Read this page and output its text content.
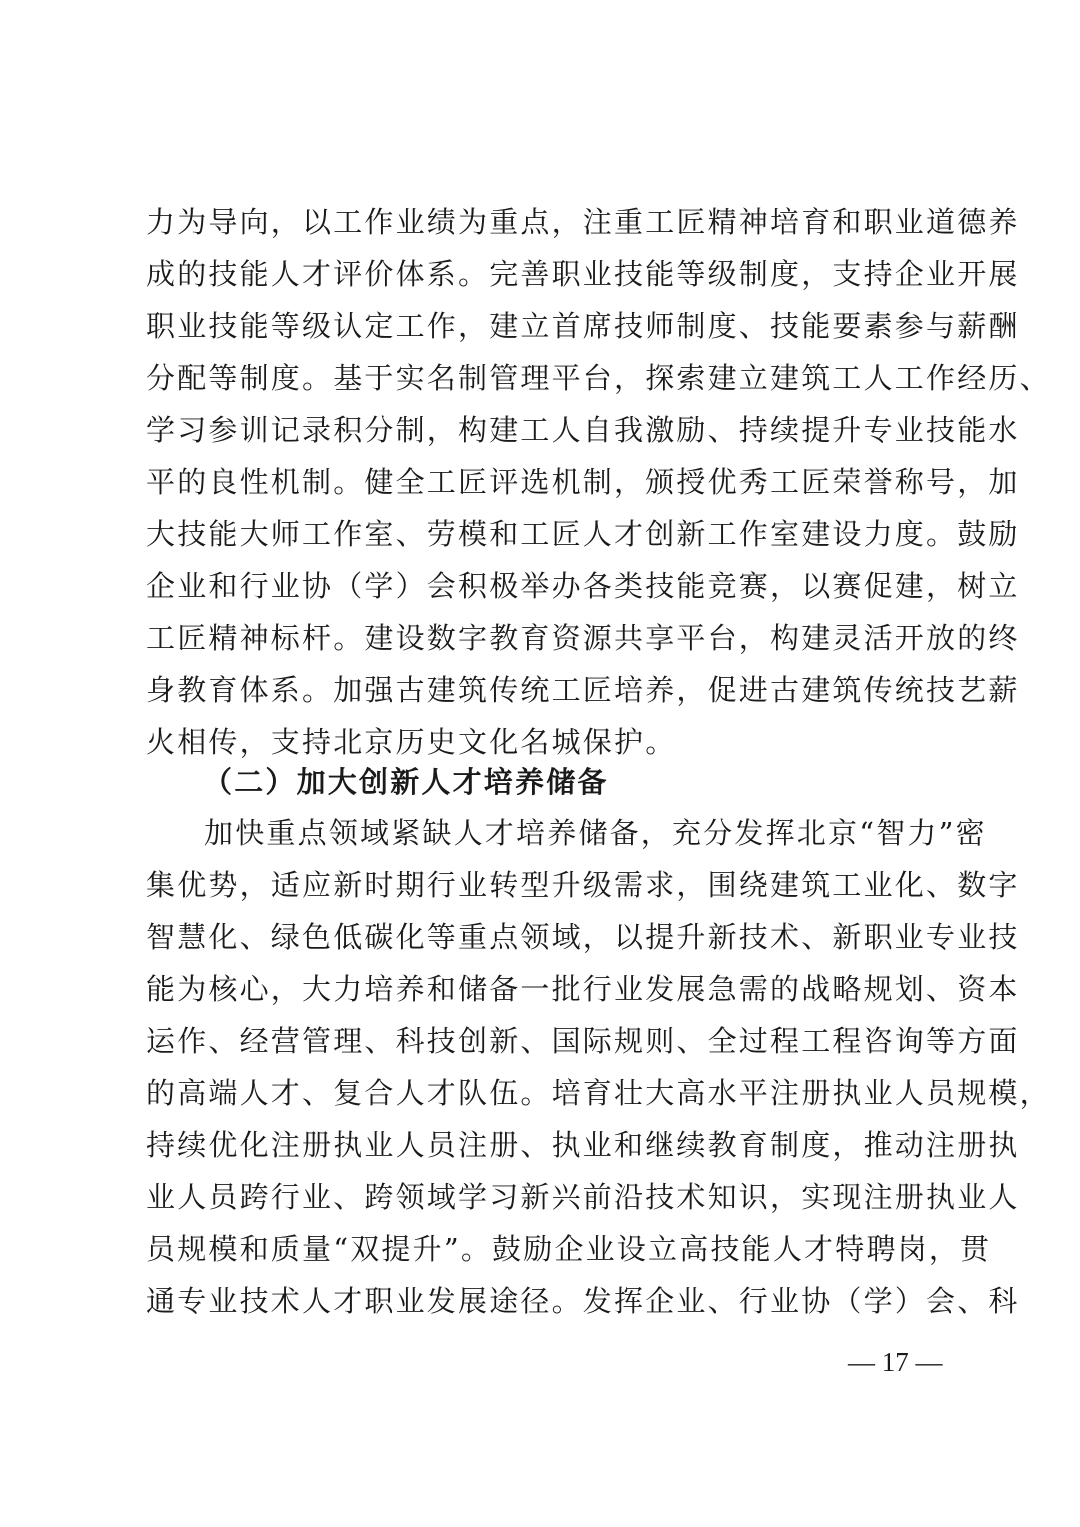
力为导向，以工作业绩为重点，注重工匠精神培育和职业道德养
成的技能人才评价体系。完善职业技能等级制度，支持企业开展
职业技能等级认定工作，建立首席技师制度、技能要素参与薪酬
分配等制度。基于实名制管理平台，探索建立建筑工人工作经历、
学习参训记录积分制，构建工人自我激励、持续提升专业技能水
平的良性机制。健全工匠评选机制，颁授优秀工匠荣誉称号，加
大技能大师工作室、劳模和工匠人才创新工作室建设力度。鼓励
企业和行业协（学）会积极举办各类技能竞赛，以赛促建，树立
工匠精神标杆。建设数字教育资源共享平台，构建灵活开放的终
身教育体系。加强古建筑传统工匠培养，促进古建筑传统技艺薪
火相传，支持北京历史文化名城保护。
（二）加大创新人才培养储备
加快重点领域紧缺人才培养储备，充分发挥北京“智力”密
集优势，适应新时期行业转型升级需求，围绕建筑工业化、数字
智慧化、绿色低碳化等重点领域，以提升新技术、新职业专业技
能为核心，大力培养和储备一批行业发展急需的战略规划、资本
运作、经营管理、科技创新、国际规则、全过程工程咨询等方面
的高端人才、复合人才队伍。培育壮大高水平注册执业人员规模，
持续优化注册执业人员注册、执业和继续教育制度，推动注册执
业人员跨行业、跨领域学习新兴前沿技术知识，实现注册执业人
员规模和质量“双提升”。鼓励企业设立高技能人才特聘岗，贯
通专业技术人才职业发展途径。发挥企业、行业协（学）会、科
— 17 —
